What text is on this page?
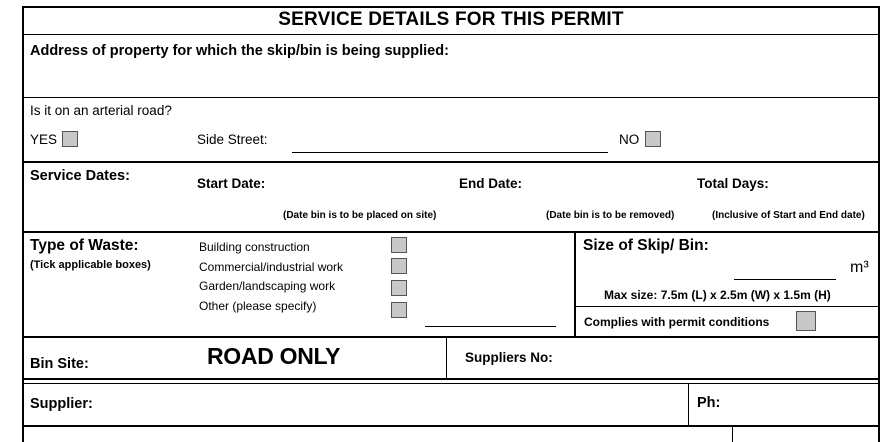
SERVICE DETAILS FOR THIS PERMIT
Address of property for which the skip/bin is being supplied:
Is it on an arterial road?
YES	Side Street:	NO
Service Dates:	Start Date:	End Date:	Total Days:
(Date bin is to be placed on site)	(Date bin is to be removed)	(Inclusive of Start and End date)
Type of Waste:
(Tick applicable boxes)
Building construction
Commercial/industrial work
Garden/landscaping work
Other (please specify)
Size of Skip/ Bin:
m³
Max size: 7.5m (L) x 2.5m (W) x 1.5m (H)
Complies with permit conditions
Bin Site:	ROAD ONLY	Suppliers No:
Supplier:	Ph:
